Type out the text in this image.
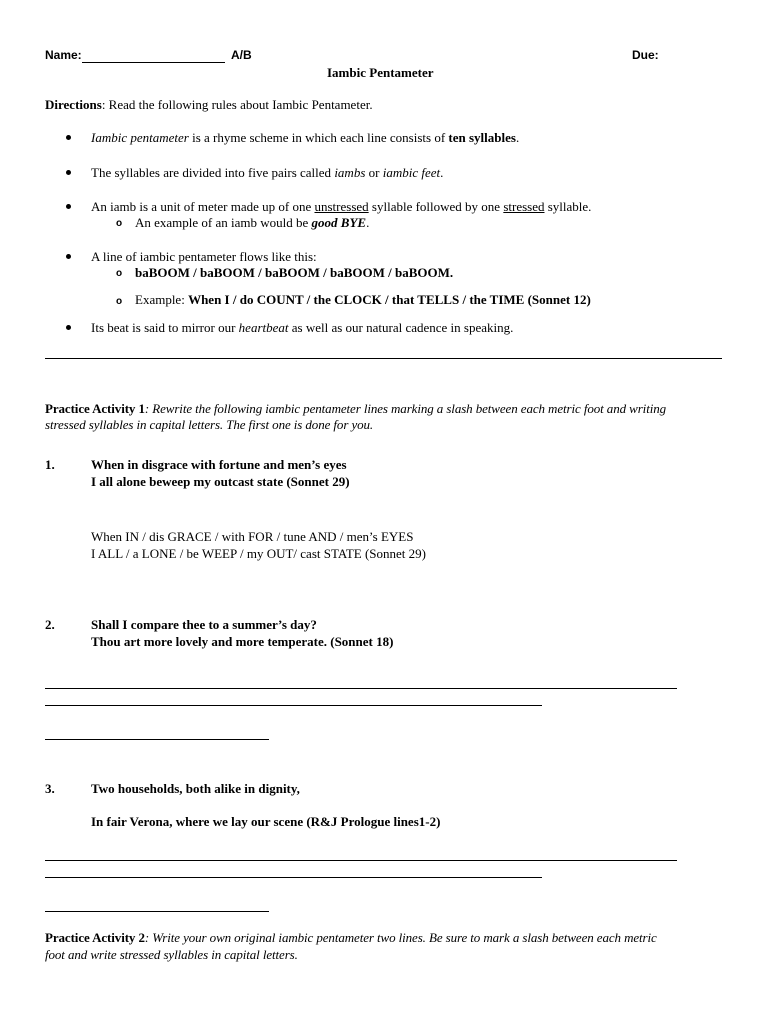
Name:	A/B	Due:
Iambic Pentameter
Directions: Read the following rules about Iambic Pentameter.
Iambic pentameter is a rhyme scheme in which each line consists of ten syllables.
The syllables are divided into five pairs called iambs or iambic feet.
An iamb is a unit of meter made up of one unstressed syllable followed by one stressed syllable.
o An example of an iamb would be good BYE.
A line of iambic pentameter flows like this:
o baBOOM / baBOOM / baBOOM / baBOOM / baBOOM.
o Example: When I / do COUNT / the CLOCK / that TELLS / the TIME (Sonnet 12)
Its beat is said to mirror our heartbeat as well as our natural cadence in speaking.
Practice Activity 1: Rewrite the following iambic pentameter lines marking a slash between each metric foot and writing
stressed syllables in capital letters. The first one is done for you.
1.	When in disgrace with fortune and men’s eyes
I all alone beweep my outcast state (Sonnet 29)
When IN / dis GRACE / with FOR / tune AND / men’s EYES
I ALL / a LONE / be WEEP / my OUT/ cast STATE (Sonnet 29)
2.	Shall I compare thee to a summer’s day?
Thou art more lovely and more temperate. (Sonnet 18)
3.	Two households, both alike in dignity,
In fair Verona, where we lay our scene (R&J Prologue lines1-2)
Practice Activity 2: Write your own original iambic pentameter two lines. Be sure to mark a slash between each metric
foot and write stressed syllables in capital letters.
